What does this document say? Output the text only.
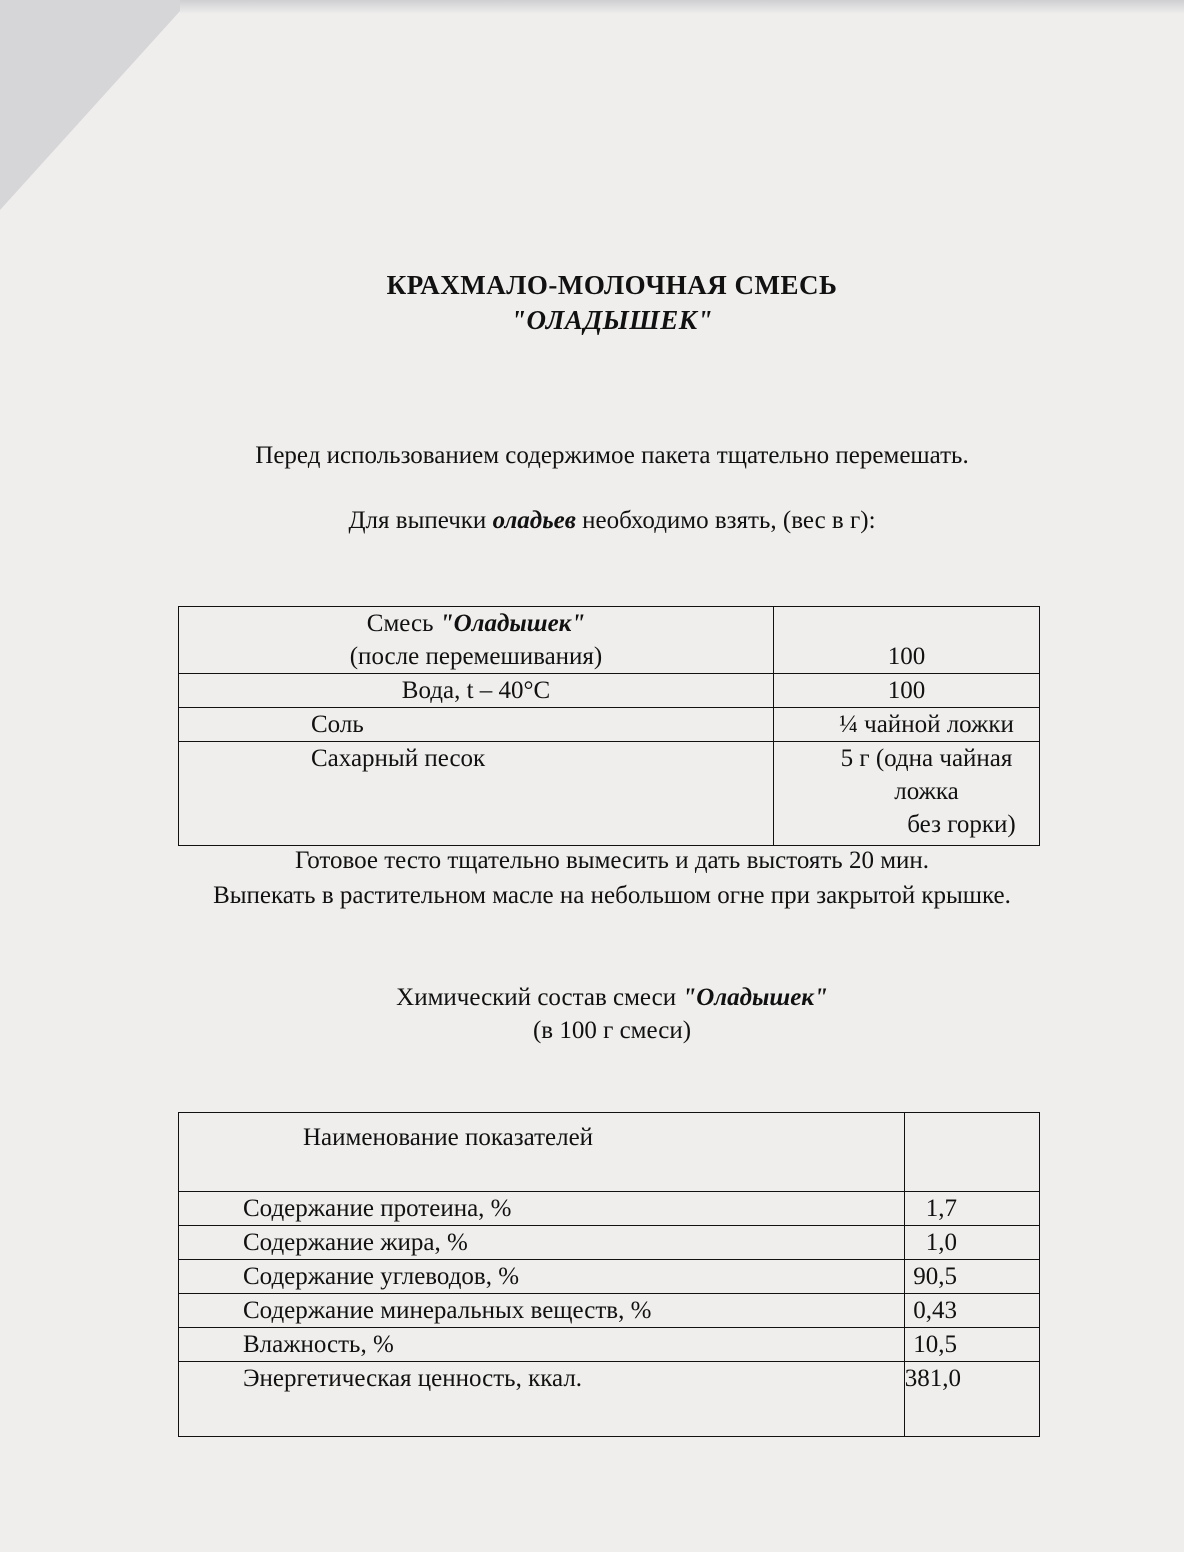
КРАХМАЛО-МОЛОЧНАЯ СМЕСЬ
"ОЛАДЫШЕК"
Перед использованием содержимое пакета тщательно перемешать.
Для выпечки оладьев необходимо взять, (вес в г):
Смесь "Оладышек"
(после перемешивания)	100

Вода, t – 40°С	100
Соль	¼ чайной ложки
Сахарный песок	5 г (одна чайная ложка
без горки)
Готовое тесто тщательно вымесить и дать выстоять 20 мин.
Выпекать в растительном масле на небольшом огне при закрытой крышке.
Химический состав смеси "Оладышек"
(в 100 г смеси)
Наименование показателей	
Содержание протеина, %	1,7
Содержание жира, %	1,0
Содержание углеводов, %	90,5
Содержание минеральных веществ, %	0,43
Влажность, %	10,5
Энергетическая ценность, ккал.	381,0
